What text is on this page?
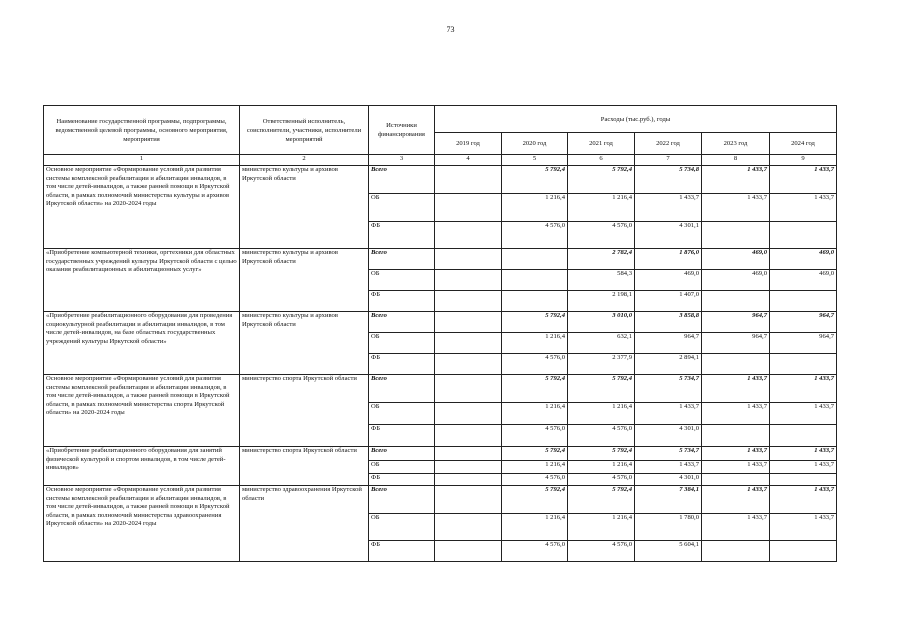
73
Наименование государственной программы, подпрограммы, ведомственной целевой программы, основного мероприятия, мероприятия	Ответственный исполнитель, соисполнители, участники, исполнители мероприятий	Источники финансирования	Расходы (тыс.руб.), годы					
			2019 год	2020 год	2021 год	2022 год	2023 год	2024 год
1	2	3	4	5	6	7	8	9
Основное мероприятие «Формирование условий для развития системы комплексной реабилитации и абилитации инвалидов, в том числе детей-инвалидов, а также ранней помощи в Иркутской области, в рамках полномочий министерства культуры и архивов Иркутской области» на 2020-2024 годы	министерство культуры и архивов Иркутской области	Всего		5 792,4	5 792,4	5 734,8	1 433,7	1 433,7
		ОБ		1 216,4	1 216,4	1 433,7	1 433,7	1 433,7
		ФБ		4 576,0	4 576,0	4 301,1		
«Приобретение компьютерной техники, оргтехники для областных государственных учреждений культуры Иркутской области с целью оказания реабилитационных и абилитационных услуг»	министерство культуры и архивов Иркутской области	Всего			2 782,4	1 876,0	469,0	469,0
		ОБ			584,3	469,0	469,0	469,0
		ФБ			2 198,1	1 407,0		
«Приобретение реабилитационного оборудования для проведения социокультурной реабилитации и абилитации инвалидов, в том числе детей-инвалидов, на базе областных государственных учреждений культуры Иркутской области»	министерство культуры и архивов Иркутской области	Всего		5 792,4	3 010,0	3 858,8	964,7	964,7
		ОБ		1 216,4	632,1	964,7	964,7	964,7
		ФБ		4 576,0	2 377,9	2 894,1		
Основное мероприятие «Формирование условий для развития системы комплексной реабилитации и абилитации инвалидов, в том числе детей-инвалидов, а также ранней помощи в Иркутской области, в рамках полномочий министерства спорта Иркутской области» на 2020-2024 годы	министерство спорта Иркутской области	Всего		5 792,4	5 792,4	5 734,7	1 433,7	1 433,7
		ОБ		1 216,4	1 216,4	1 433,7	1 433,7	1 433,7
		ФБ		4 576,0	4 576,0	4 301,0		
«Приобретение реабилитационного оборудования для занятий физической культурой и спортом инвалидов, в том числе детей-инвалидов»	министерство спорта Иркутской области	Всего		5 792,4	5 792,4	5 734,7	1 433,7	1 433,7
		ОБ		1 216,4	1 216,4	1 433,7	1 433,7	1 433,7
		ФБ		4 576,0	4 576,0	4 301,0		
Основное мероприятие «Формирование условий для развития системы комплексной реабилитации и абилитации инвалидов, в том числе детей-инвалидов, а также ранней помощи в Иркутской области, в рамках полномочий министерства здравоохранения Иркутской области» на 2020-2024 годы	министерство здравоохранения Иркутской области	Всего		5 792,4	5 792,4	7 384,1	1 433,7	1 433,7
		ОБ		1 216,4	1 216,4	1 780,0	1 433,7	1 433,7
		ФБ		4 576,0	4 576,0	5 604,1		
